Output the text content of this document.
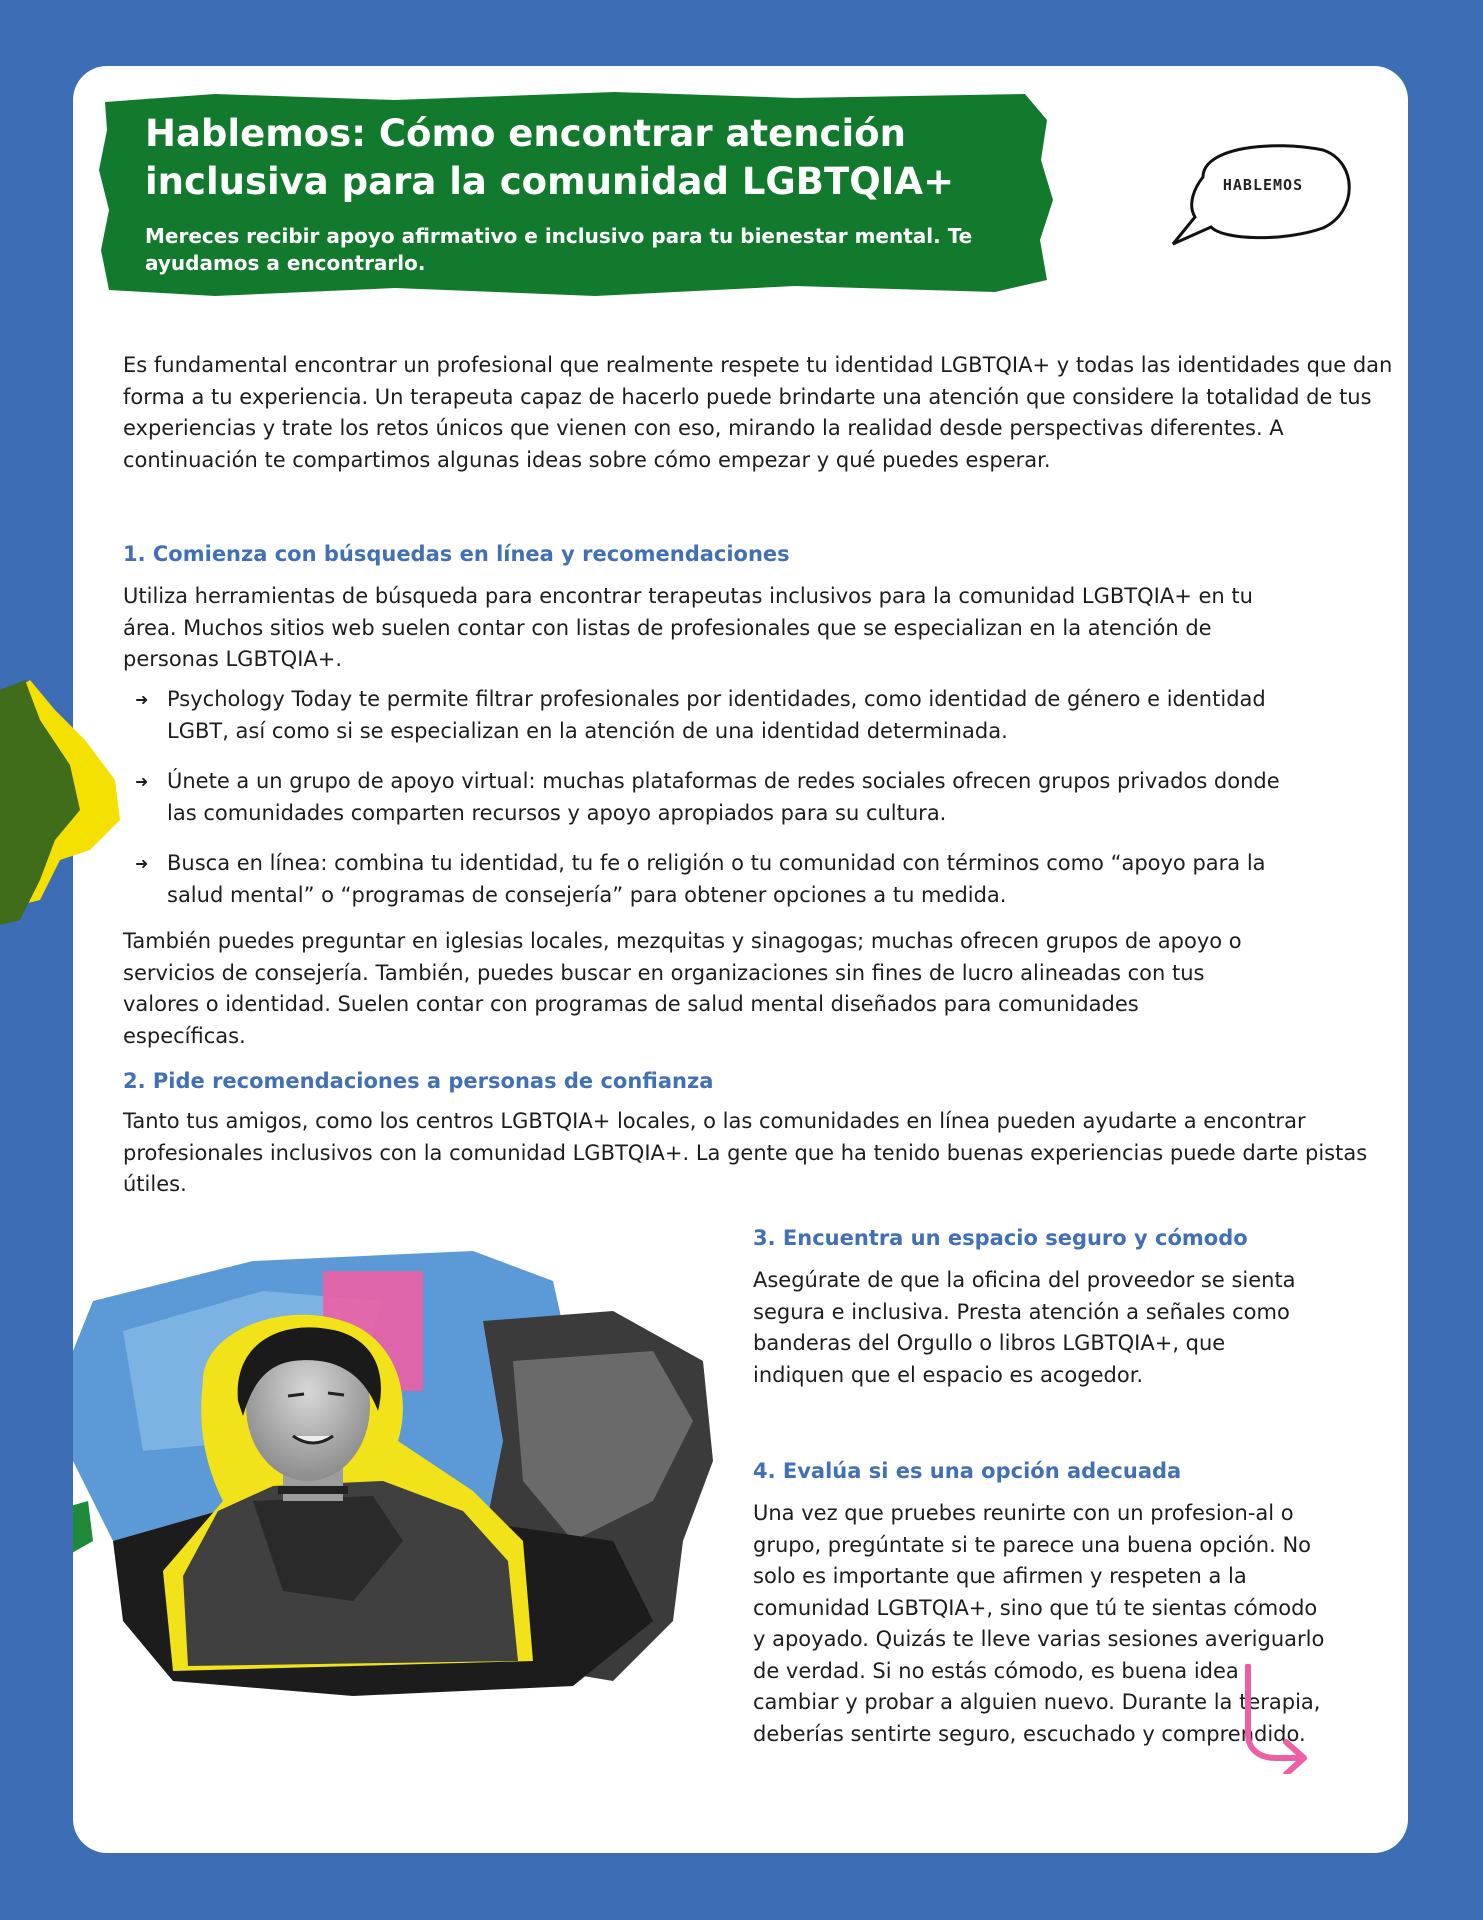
Hablemos: Cómo encontrar atención inclusiva para la comunidad LGBTQIA+

Mereces recibir apoyo afirmativo e inclusivo para tu bienestar mental. Te ayudamos a encontrarlo.

HABLEMOS

Es fundamental encontrar un profesional que realmente respete tu identidad LGBTQIA+ y todas las identidades que dan forma a tu experiencia. Un terapeuta capaz de hacerlo puede brindarte una atención que considere la totalidad de tus experiencias y trate los retos únicos que vienen con eso, mirando la realidad desde perspectivas diferentes. A continuación te compartimos algunas ideas sobre cómo empezar y qué puedes esperar.

1. Comienza con búsquedas en línea y recomendaciones

Utiliza herramientas de búsqueda para encontrar terapeutas inclusivos para la comunidad LGBTQIA+ en tu área. Muchos sitios web suelen contar con listas de profesionales que se especializan en la atención de personas LGBTQIA+.

➜ Psychology Today te permite filtrar profesionales por identidades, como identidad de género e identidad LGBT, así como si se especializan en la atención de una identidad determinada.
➜ Únete a un grupo de apoyo virtual: muchas plataformas de redes sociales ofrecen grupos privados donde las comunidades comparten recursos y apoyo apropiados para su cultura.
➜ Busca en línea: combina tu identidad, tu fe o religión o tu comunidad con términos como “apoyo para la salud mental” o “programas de consejería” para obtener opciones a tu medida.

También puedes preguntar en iglesias locales, mezquitas y sinagogas; muchas ofrecen grupos de apoyo o servicios de consejería. También, puedes buscar en organizaciones sin fines de lucro alineadas con tus valores o identidad. Suelen contar con programas de salud mental diseñados para comunidades específicas.

2. Pide recomendaciones a personas de confianza

Tanto tus amigos, como los centros LGBTQIA+ locales, o las comunidades en línea pueden ayudarte a encontrar profesionales inclusivos con la comunidad LGBTQIA+. La gente que ha tenido buenas experiencias puede darte pistas útiles.

3. Encuentra un espacio seguro y cómodo

Asegúrate de que la oficina del proveedor se sienta segura e inclusiva. Presta atención a señales como banderas del Orgullo o libros LGBTQIA+, que indiquen que el espacio es acogedor.

4. Evalúa si es una opción adecuada

Una vez que pruebes reunirte con un profesion-al o grupo, pregúntate si te parece una buena opción. No solo es importante que afirmen y respeten a la comunidad LGBTQIA+, sino que tú te sientas cómodo y apoyado. Quizás te lleve varias sesiones averiguarlo de verdad. Si no estás cómodo, es buena idea cambiar y probar a alguien nuevo. Durante la terapia, deberías sentirte seguro, escuchado y comprendido.
